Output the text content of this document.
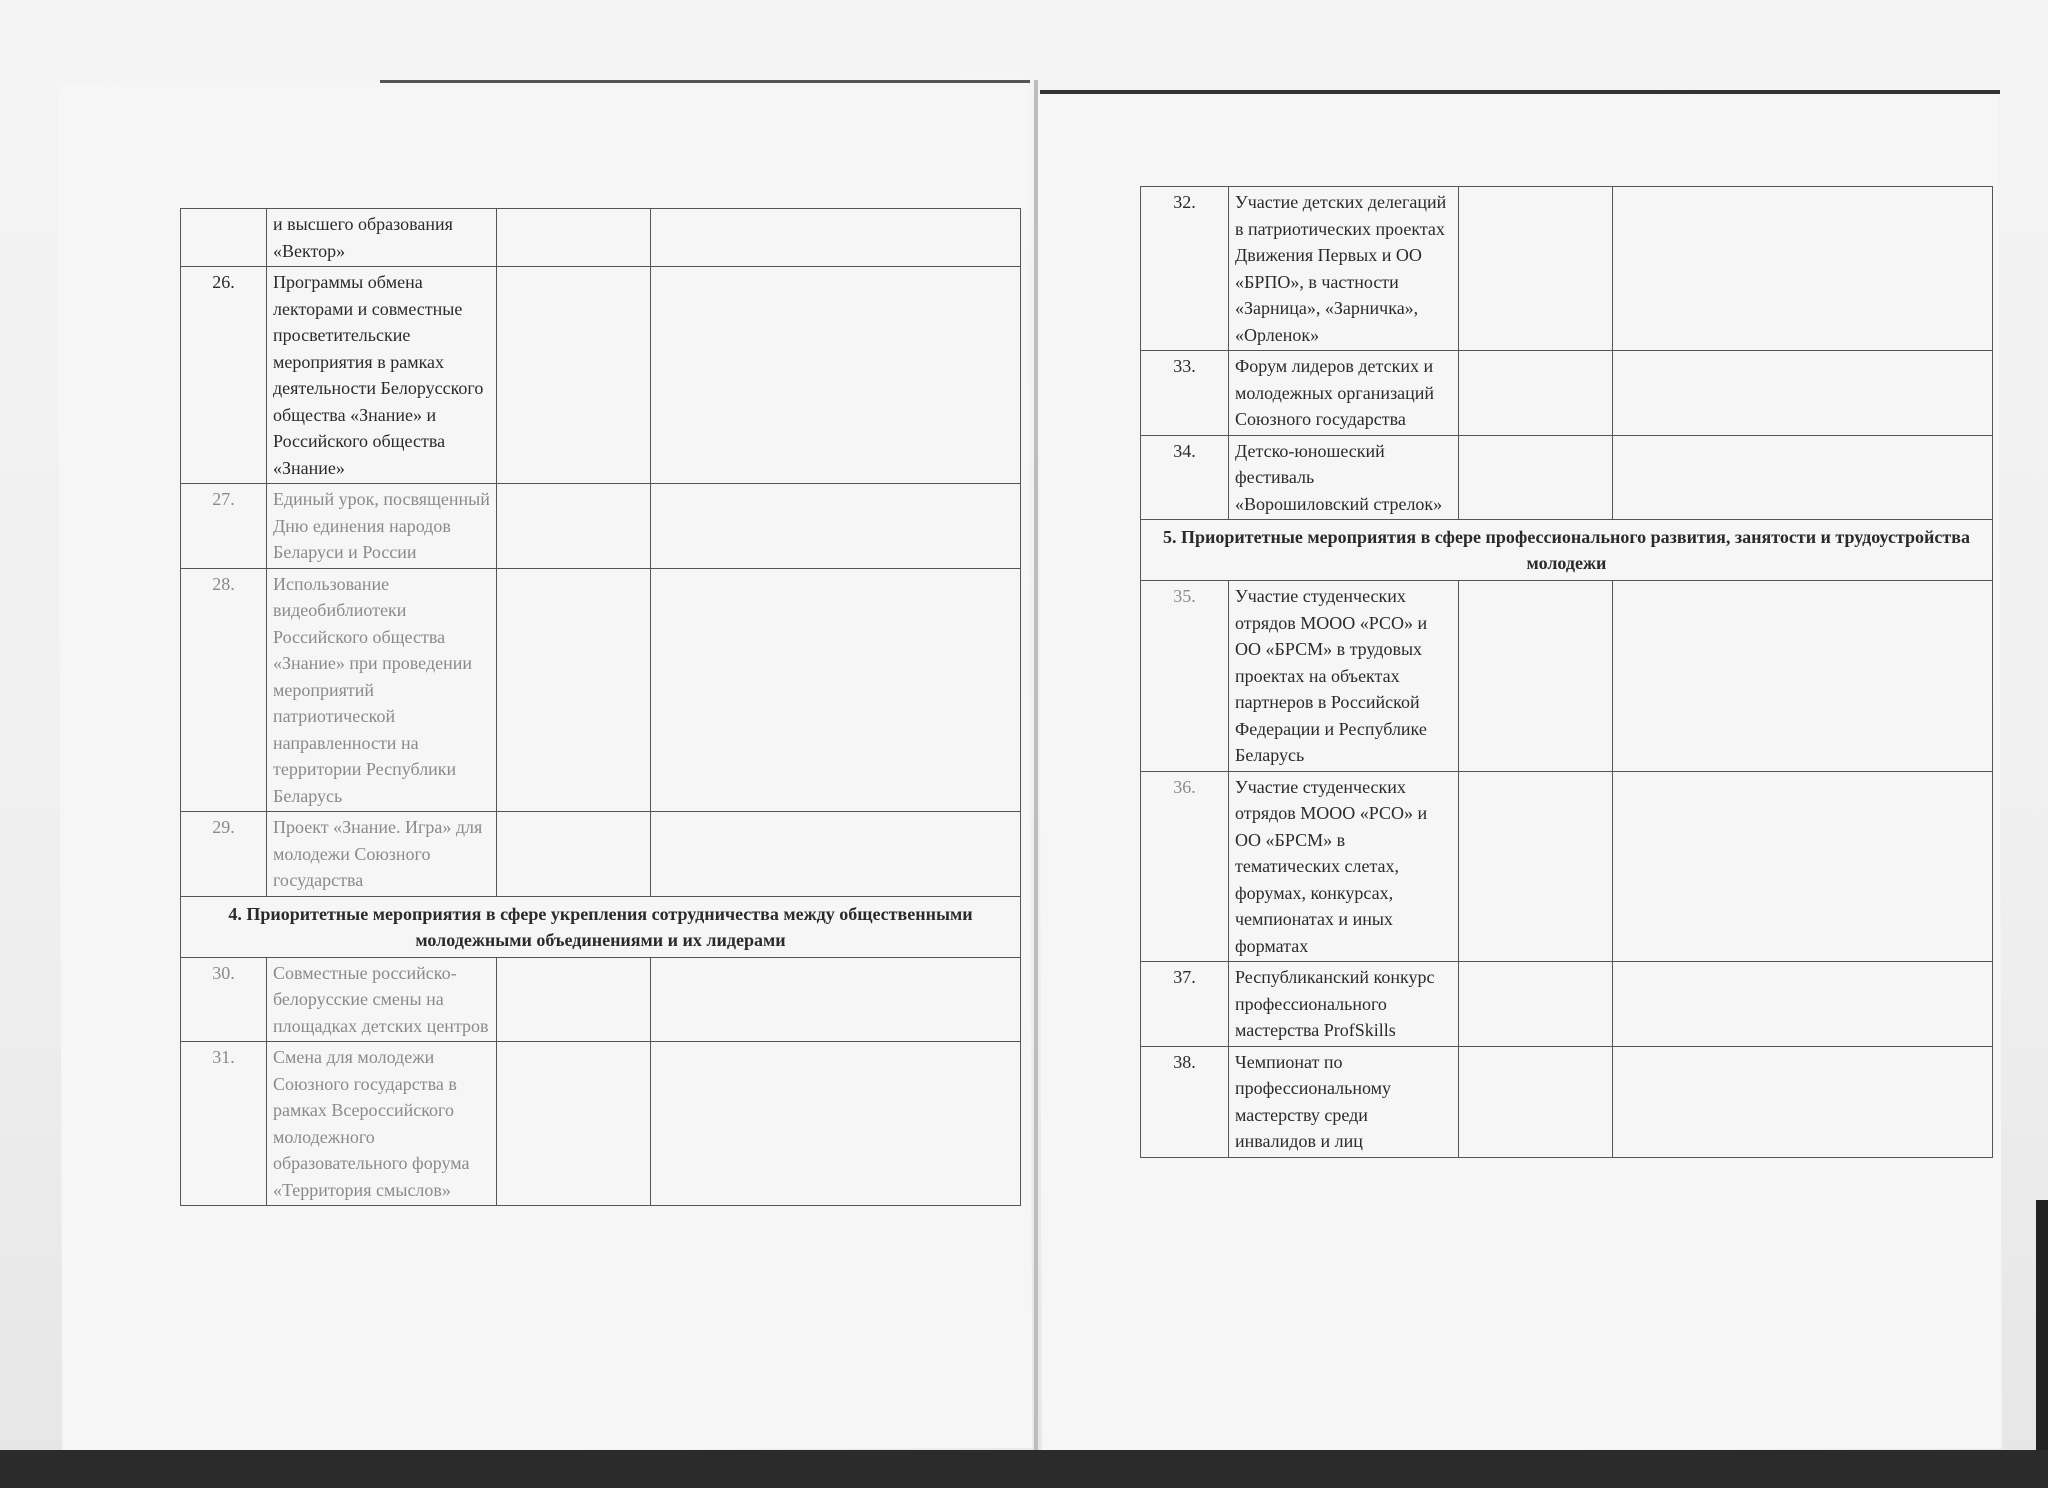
	и высшего образования «Вектор»		
26.	Программы обмена лекторами и совместные просветительские мероприятия в рамках деятельности Белорусского общества «Знание» и Российского общества «Знание»		
27.	Единый урок, посвященный Дню единения народов Беларуси и России		
28.	Использование видеобиблиотеки Российского общества «Знание» при проведении мероприятий патриотической направленности на территории Республики Беларусь		
29.	Проект «Знание. Игра» для молодежи Союзного государства		
4. Приоритетные мероприятия в сфере укрепления сотрудничества между общественными молодежными объединениями и их лидерами			
30.	Совместные российско-белорусские смены на площадках детских центров		
31.	Смена для молодежи Союзного государства в рамках Всероссийского молодежного образовательного форума «Территория смыслов»		
32.	Участие детских делегаций в патриотических проектах Движения Первых и ОО «БРПО», в частности «Зарница», «Зарничка», «Орленок»		
33.	Форум лидеров детских и молодежных организаций Союзного государства		
34.	Детско-юношеский фестиваль «Ворошиловский стрелок»		
5. Приоритетные мероприятия в сфере профессионального развития, занятости и трудоустройства молодежи			
35.	Участие студенческих отрядов МООО «РСО» и ОО «БРСМ» в трудовых проектах на объектах партнеров в Российской Федерации и Республике Беларусь		
36.	Участие студенческих отрядов МООО «РСО» и ОО «БРСМ» в тематических слетах, форумах, конкурсах, чемпионатах и иных форматах		
37.	Республиканский конкурс профессионального мастерства ProfSkills		
38.	Чемпионат по профессиональному мастерству среди инвалидов и лиц		
